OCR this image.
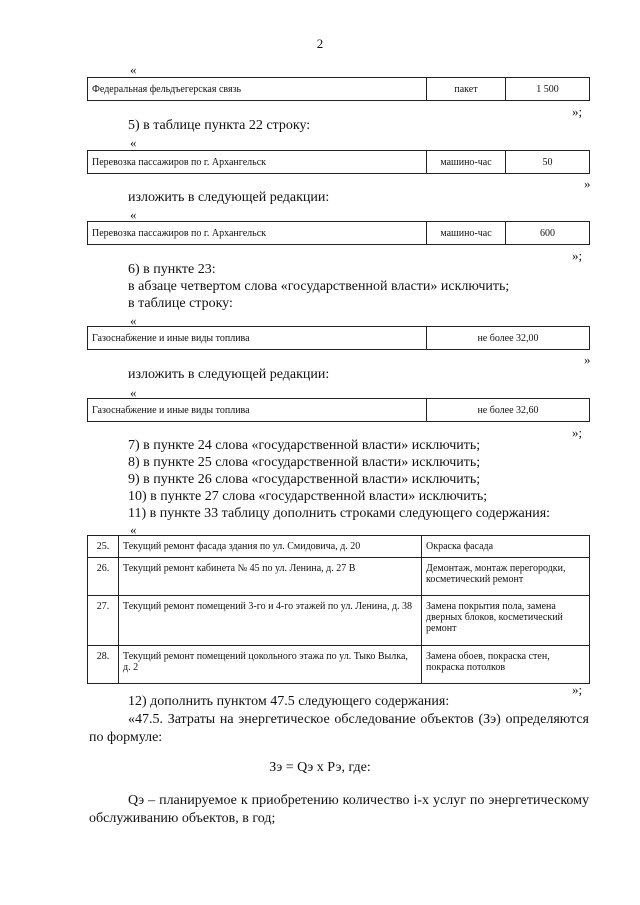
2
«
Федеральная фельдъегерская связь	пакет	1 500
»;
5) в таблице пункта 22 строку:
«
Перевозка пассажиров по г. Архангельск	машино-час	50
»
изложить в следующей редакции:
«
Перевозка пассажиров по г. Архангельск	машино-час	600
»;
6) в пункте 23:
в абзаце четвертом слова «государственной власти» исключить;
в таблице строку:
«
Газоснабжение и иные виды топлива	не более 32,00
»
изложить в следующей редакции:
«
Газоснабжение и иные виды топлива	не более 32,60
»;
7) в пункте 24 слова «государственной власти» исключить;
8) в пункте 25 слова «государственной власти» исключить;
9) в пункте 26 слова «государственной власти» исключить;
10) в пункте 27 слова «государственной власти» исключить;
11) в пункте 33 таблицу дополнить строками следующего содержания:
«
25.	Текущий ремонт фасада здания по ул. Смидовича, д. 20	Окраска фасада
26.	Текущий ремонт кабинета № 45 по ул. Ленина, д. 27 В	Демонтаж, монтаж перегородки, косметический ремонт
27.	Текущий ремонт помещений 3-го и 4-го этажей по ул. Ленина, д. 38	Замена покрытия пола, замена дверных блоков, косметический ремонт
28.	Текущий ремонт помещений цокольного этажа по ул. Тыко Вылка, д. 2	Замена обоев, покраска стен, покраска потолков
»;
12) дополнить пунктом 47.5 следующего содержания:
«47.5. Затраты на энергетическое обследование объектов (Зэ) определяются по формуле:
Зэ = Qэ х Рэ, где:
Qэ – планируемое к приобретению количество i-х услуг по энергетическому обслуживанию объектов, в год;
